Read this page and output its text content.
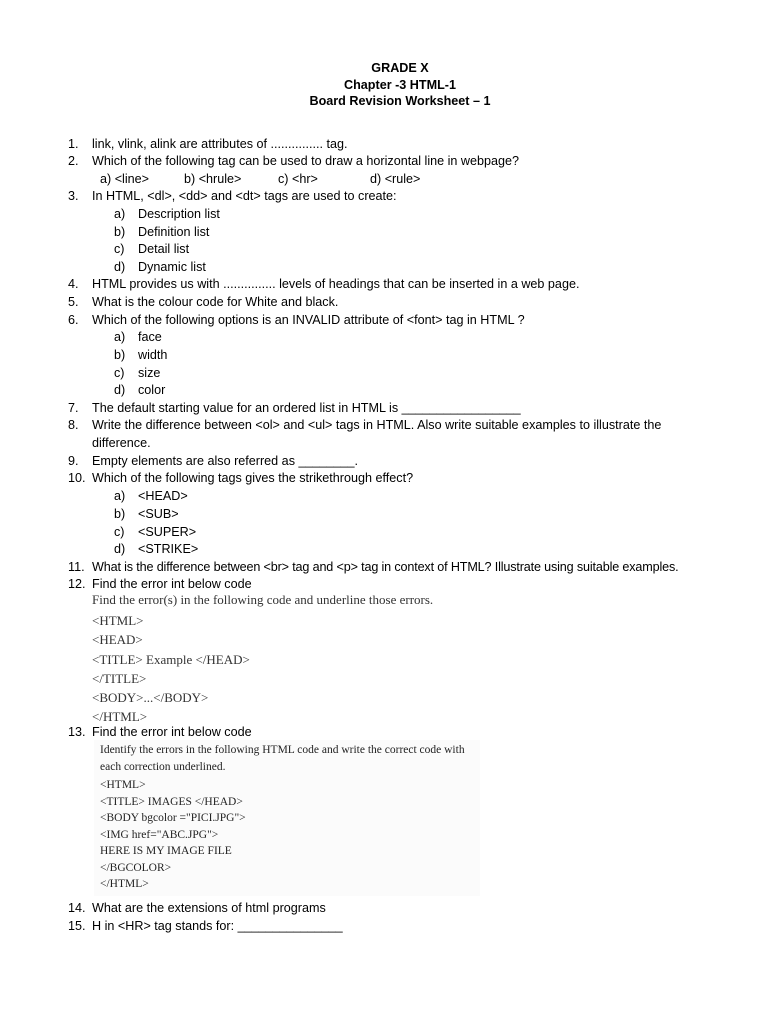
GRADE X
Chapter -3 HTML-1
Board Revision Worksheet – 1
1.	link, vlink, alink are attributes of ............... tag.
2.	Which of the following tag can be used to draw a horizontal line in webpage?
a) <line>	b) <hrule>	c) <hr>	d) <rule>
3.	In HTML, <dl>, <dd> and <dt> tags are used to create:
a) Description list
b) Definition list
c) Detail list
d) Dynamic list
4.	HTML provides us with ............... levels of headings that can be inserted in a web page.
5.	What is the colour code for White and black.
6.	Which of the following options is an INVALID attribute of <font> tag in HTML ?
a) face
b) width
c) size
d) color
7.	The default starting value for an ordered list in HTML is _________________
8.	Write the difference between <ol> and <ul> tags in HTML. Also write suitable examples to illustrate the difference.
9.	Empty elements are also referred as ________.
10. Which of the following tags gives the strikethrough effect?
a) <HEAD>
b) <SUB>
c) <SUPER>
d) <STRIKE>
11. What is the difference between <br> tag and <p> tag in context of HTML? Illustrate using suitable examples.
12. Find the error int below code
Find the error(s) in the following code and underline those errors.
<HTML>
<HEAD>
<TITLE> Example </HEAD>
</TITLE>
<BODY>...</BODY>
</HTML>
13. Find the error int below code
Identify the errors in the following HTML code and write the correct code with
each correction underlined.
<HTML>
<TITLE> IMAGES </HEAD>
<BODY bgcolor ="PICI.JPG">
<IMG href="ABC.JPG">
HERE IS MY IMAGE FILE
</BGCOLOR>
</HTML>
14. What are the extensions of html programs
15. H in <HR> tag stands for: _______________
